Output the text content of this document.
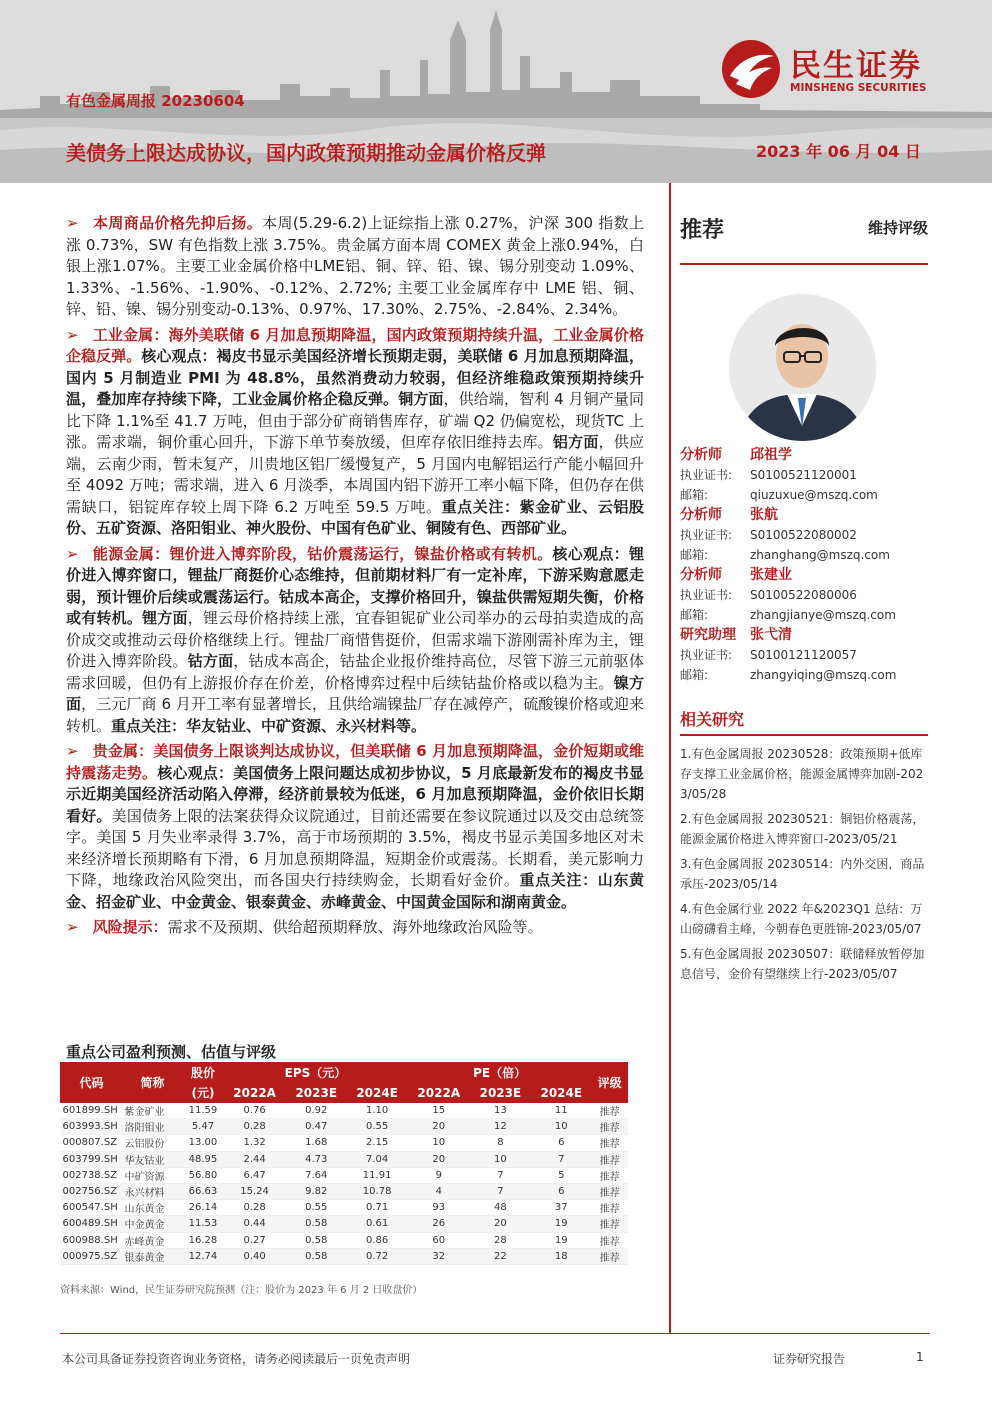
有色金属周报 20230604
美债务上限达成协议，国内政策预期推动金属价格反弹	2023 年 06 月 04 日
民生证券
MINSHENG SECURITIES

➢ 本周商品价格先抑后扬。本周(5.29-6.2)上证综指上涨 0.27%，沪深 300 指数上涨 0.73%，SW 有色指数上涨 3.75%。贵金属方面本周 COMEX 黄金上涨0.94%，白银上涨1.07%。主要工业金属价格中LME铝、铜、锌、铅、镍、锡分别变动 1.09%、1.33%、-1.56%、-1.90%、-0.12%、2.72%; 主要工业金属库存中 LME 铝、铜、锌、铅、镍、锡分别变动-0.13%、0.97%、17.30%、2.75%、-2.84%、2.34%。

➢ 工业金属：海外美联储 6 月加息预期降温，国内政策预期持续升温，工业金属价格企稳反弹。核心观点：褐皮书显示美国经济增长预期走弱，美联储 6 月加息预期降温，国内 5 月制造业 PMI 为 48.8%，虽然消费动力较弱，但经济维稳政策预期持续升温，叠加库存持续下降，工业金属价格企稳反弹。铜方面，供给端，智利 4 月铜产量同比下降 1.1%至 41.7 万吨，但由于部分矿商销售库存，矿端 Q2 仍偏宽松，现货TC 上涨。需求端，铜价重心回升，下游下单节奏放缓，但库存依旧维持去库。铝方面，供应端，云南少雨，暂未复产，川贵地区铝厂缓慢复产，5 月国内电解铝运行产能小幅回升至 4092 万吨；需求端，进入 6 月淡季，本周国内铝下游开工率小幅下降，但仍存在供需缺口，铝锭库存较上周下降 6.2 万吨至 59.5 万吨。重点关注：紫金矿业、云铝股份、五矿资源、洛阳钼业、神火股份、中国有色矿业、铜陵有色、西部矿业。

➢ 能源金属：锂价进入博弈阶段，钴价震荡运行，镍盐价格或有转机。核心观点：锂价进入博弈窗口，锂盐厂商挺价心态维持，但前期材料厂有一定补库，下游采购意愿走弱，预计锂价后续或震荡运行。钴成本高企，支撑价格回升，镍盐供需短期失衡，价格或有转机。锂方面，锂云母价格持续上涨，宜春钽铌矿业公司举办的云母拍卖造成的高价成交或推动云母价格继续上行。锂盐厂商惜售挺价，但需求端下游刚需补库为主，锂价进入博弈阶段。钴方面，钴成本高企，钴盐企业报价维持高位，尽管下游三元前驱体需求回暖，但仍有上游报价存在价差，价格博弈过程中后续钴盐价格或以稳为主。镍方面，三元厂商 6 月开工率有显著增长，且供给端镍盐厂存在减停产，硫酸镍价格或迎来转机。重点关注：华友钴业、中矿资源、永兴材料等。

➢ 贵金属：美国债务上限谈判达成协议，但美联储 6 月加息预期降温，金价短期或维持震荡走势。核心观点：美国债务上限问题达成初步协议，5 月底最新发布的褐皮书显示近期美国经济活动陷入停滞，经济前景较为低迷，6 月加息预期降温，金价依旧长期看好。美国债务上限的法案获得众议院通过，目前还需要在参议院通过以及交由总统签字。美国 5 月失业率录得 3.7%，高于市场预期的 3.5%，褐皮书显示美国多地区对未来经济增长预期略有下滑，6 月加息预期降温，短期金价或震荡。长期看，美元影响力下降，地缘政治风险突出，而各国央行持续购金，长期看好金价。重点关注：山东黄金、招金矿业、中金黄金、银泰黄金、赤峰黄金、中国黄金国际和湖南黄金。

➢ 风险提示：需求不及预期、供给超预期释放、海外地缘政治风险等。

推荐	维持评级
分析师 邱祖学
执业证书:	S0100521120001
邮箱:	qiuzuxue@mszq.com
分析师 张航
执业证书:	S0100522080002
邮箱:	zhanghang@mszq.com
分析师 张建业
执业证书:	S0100522080006
邮箱:	zhangjianye@mszq.com
研究助理 张弋清
执业证书:	S0100121120057
邮箱:	zhangyiqing@mszq.com
相关研究
1.有色金属周报 20230528：政策预期+低库存支撑工业金属价格，能源金属博弈加剧-2023/05/28
2.有色金属周报 20230521：铜铝价格震荡，能源金属价格进入博弈窗口-2023/05/21
3.有色金属周报 20230514：内外交困，商品承压-2023/05/14
4.有色金属行业 2022 年&2023Q1 总结：万山磅礴看主峰，今朝春色更胜锦-2023/05/07
5.有色金属周报 20230507：联储释放暂停加息信号，金价有望继续上行-2023/05/07
重点公司盈利预测、估值与评级
代码	简称	股价	EPS（元）			PE（倍）			评级
		(元)	2022A	2023E	2024E	2022A	2023E	2024E	
601899.SH	紫金矿业	11.59	0.76	0.92	1.10	15	13	11	推荐
603993.SH	洛阳钼业	5.47	0.28	0.47	0.55	20	12	10	推荐
000807.SZ	云铝股份	13.00	1.32	1.68	2.15	10	8	6	推荐
603799.SH	华友钴业	48.95	2.44	4.73	7.04	20	10	7	推荐
002738.SZ	中矿资源	56.80	6.47	7.64	11.91	9	7	5	推荐
002756.SZ	永兴材料	66.63	15.24	9.82	10.78	4	7	6	推荐
600547.SH	山东黄金	26.14	0.28	0.55	0.71	93	48	37	推荐
600489.SH	中金黄金	11.53	0.44	0.58	0.61	26	20	19	推荐
600988.SH	赤峰黄金	16.28	0.27	0.58	0.86	60	28	19	推荐
000975.SZ	银泰黄金	12.74	0.40	0.58	0.72	32	22	18	推荐
资料来源：Wind，民生证券研究院预测（注：股价为 2023 年 6 月 2 日收盘价）
本公司具备证券投资咨询业务资格，请务必阅读最后一页免责声明	证券研究报告	1
